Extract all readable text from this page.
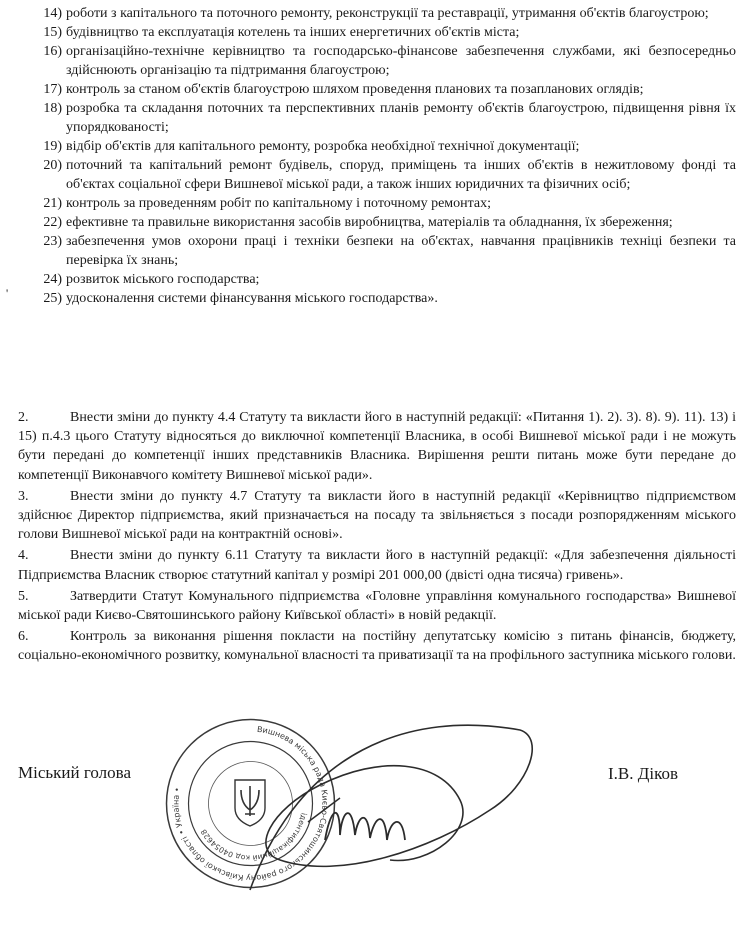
'
14) роботи з капітального та поточного ремонту, реконструкції та реставрації, утримання об'єктів благоустрою;
15) будівництво та експлуатація котелень та інших енергетичних об'єктів міста;
16) організаційно-технічне керівництво та господарсько-фінансове забезпечення службами, які безпосередньо здійснюють організацію та підтримання благоустрою;
17) контроль за станом об'єктів благоустрою шляхом проведення планових та позапланових оглядів;
18) розробка та складання поточних та перспективних планів ремонту об'єктів благоустрою, підвищення рівня їх упорядкованості;
19) відбір об'єктів для капітального ремонту, розробка необхідної технічної документації;
20) поточний та капітальний ремонт будівель, споруд, приміщень та інших об'єктів в нежитловому фонді та об'єктах соціальної сфери Вишневої міської ради, а також інших юридичних та фізичних осіб;
21) контроль за проведенням робіт по капітальному і поточному ремонтах;
22) ефективне та правильне використання засобів виробництва, матеріалів та обладнання, їх збереження;
23) забезпечення умов охорони праці і техніки безпеки на об'єктах, навчання працівників техніці безпеки та перевірка їх знань;
24) розвиток міського господарства;
25) удосконалення системи фінансування міського господарства».

2.	Внести зміни до пункту 4.4 Статуту та викласти його в наступній редакції: «Питання 1). 2). 3). 8). 9). 11). 13) і 15) п.4.3 цього Статуту відносяться до виключної компетенції Власника, в особі Вишневої міської ради і не можуть бути передані до компетенції інших представників Власника. Вирішення решти питань може бути передане до компетенції Виконавчого комітету Вишневої міської ради».

3.	Внести зміни до пункту 4.7 Статуту та викласти його в наступній редакції «Керівництво підприємством здійснює Директор підприємства, який призначається на посаду та звільняється з посади розпорядженням міського голови Вишневої міської ради на контрактній основі».

4.	Внести зміни до пункту 6.11 Статуту та викласти його в наступній редакції: «Для забезпечення діяльності Підприємства Власник створює статутний капітал у розмірі 201 000,00 (двісті одна тисяча) гривень».

5.	Затвердити Статут Комунального підприємства «Головне управління комунального господарства» Вишневої міської ради Києво-Святошинського району Київської області» в новій редакції.

6.	Контроль за виконання рішення покласти на постійну депутатську комісію з питань фінансів, бюджету, соціально-економічного розвитку, комунальної власності та приватизації та на профільного заступника міського голови.

Міський голова	І.В. Діков
Вишнева міська рада Києво-Святошинського району Київської області • Україна •
ідентифікаційний код 04054628
